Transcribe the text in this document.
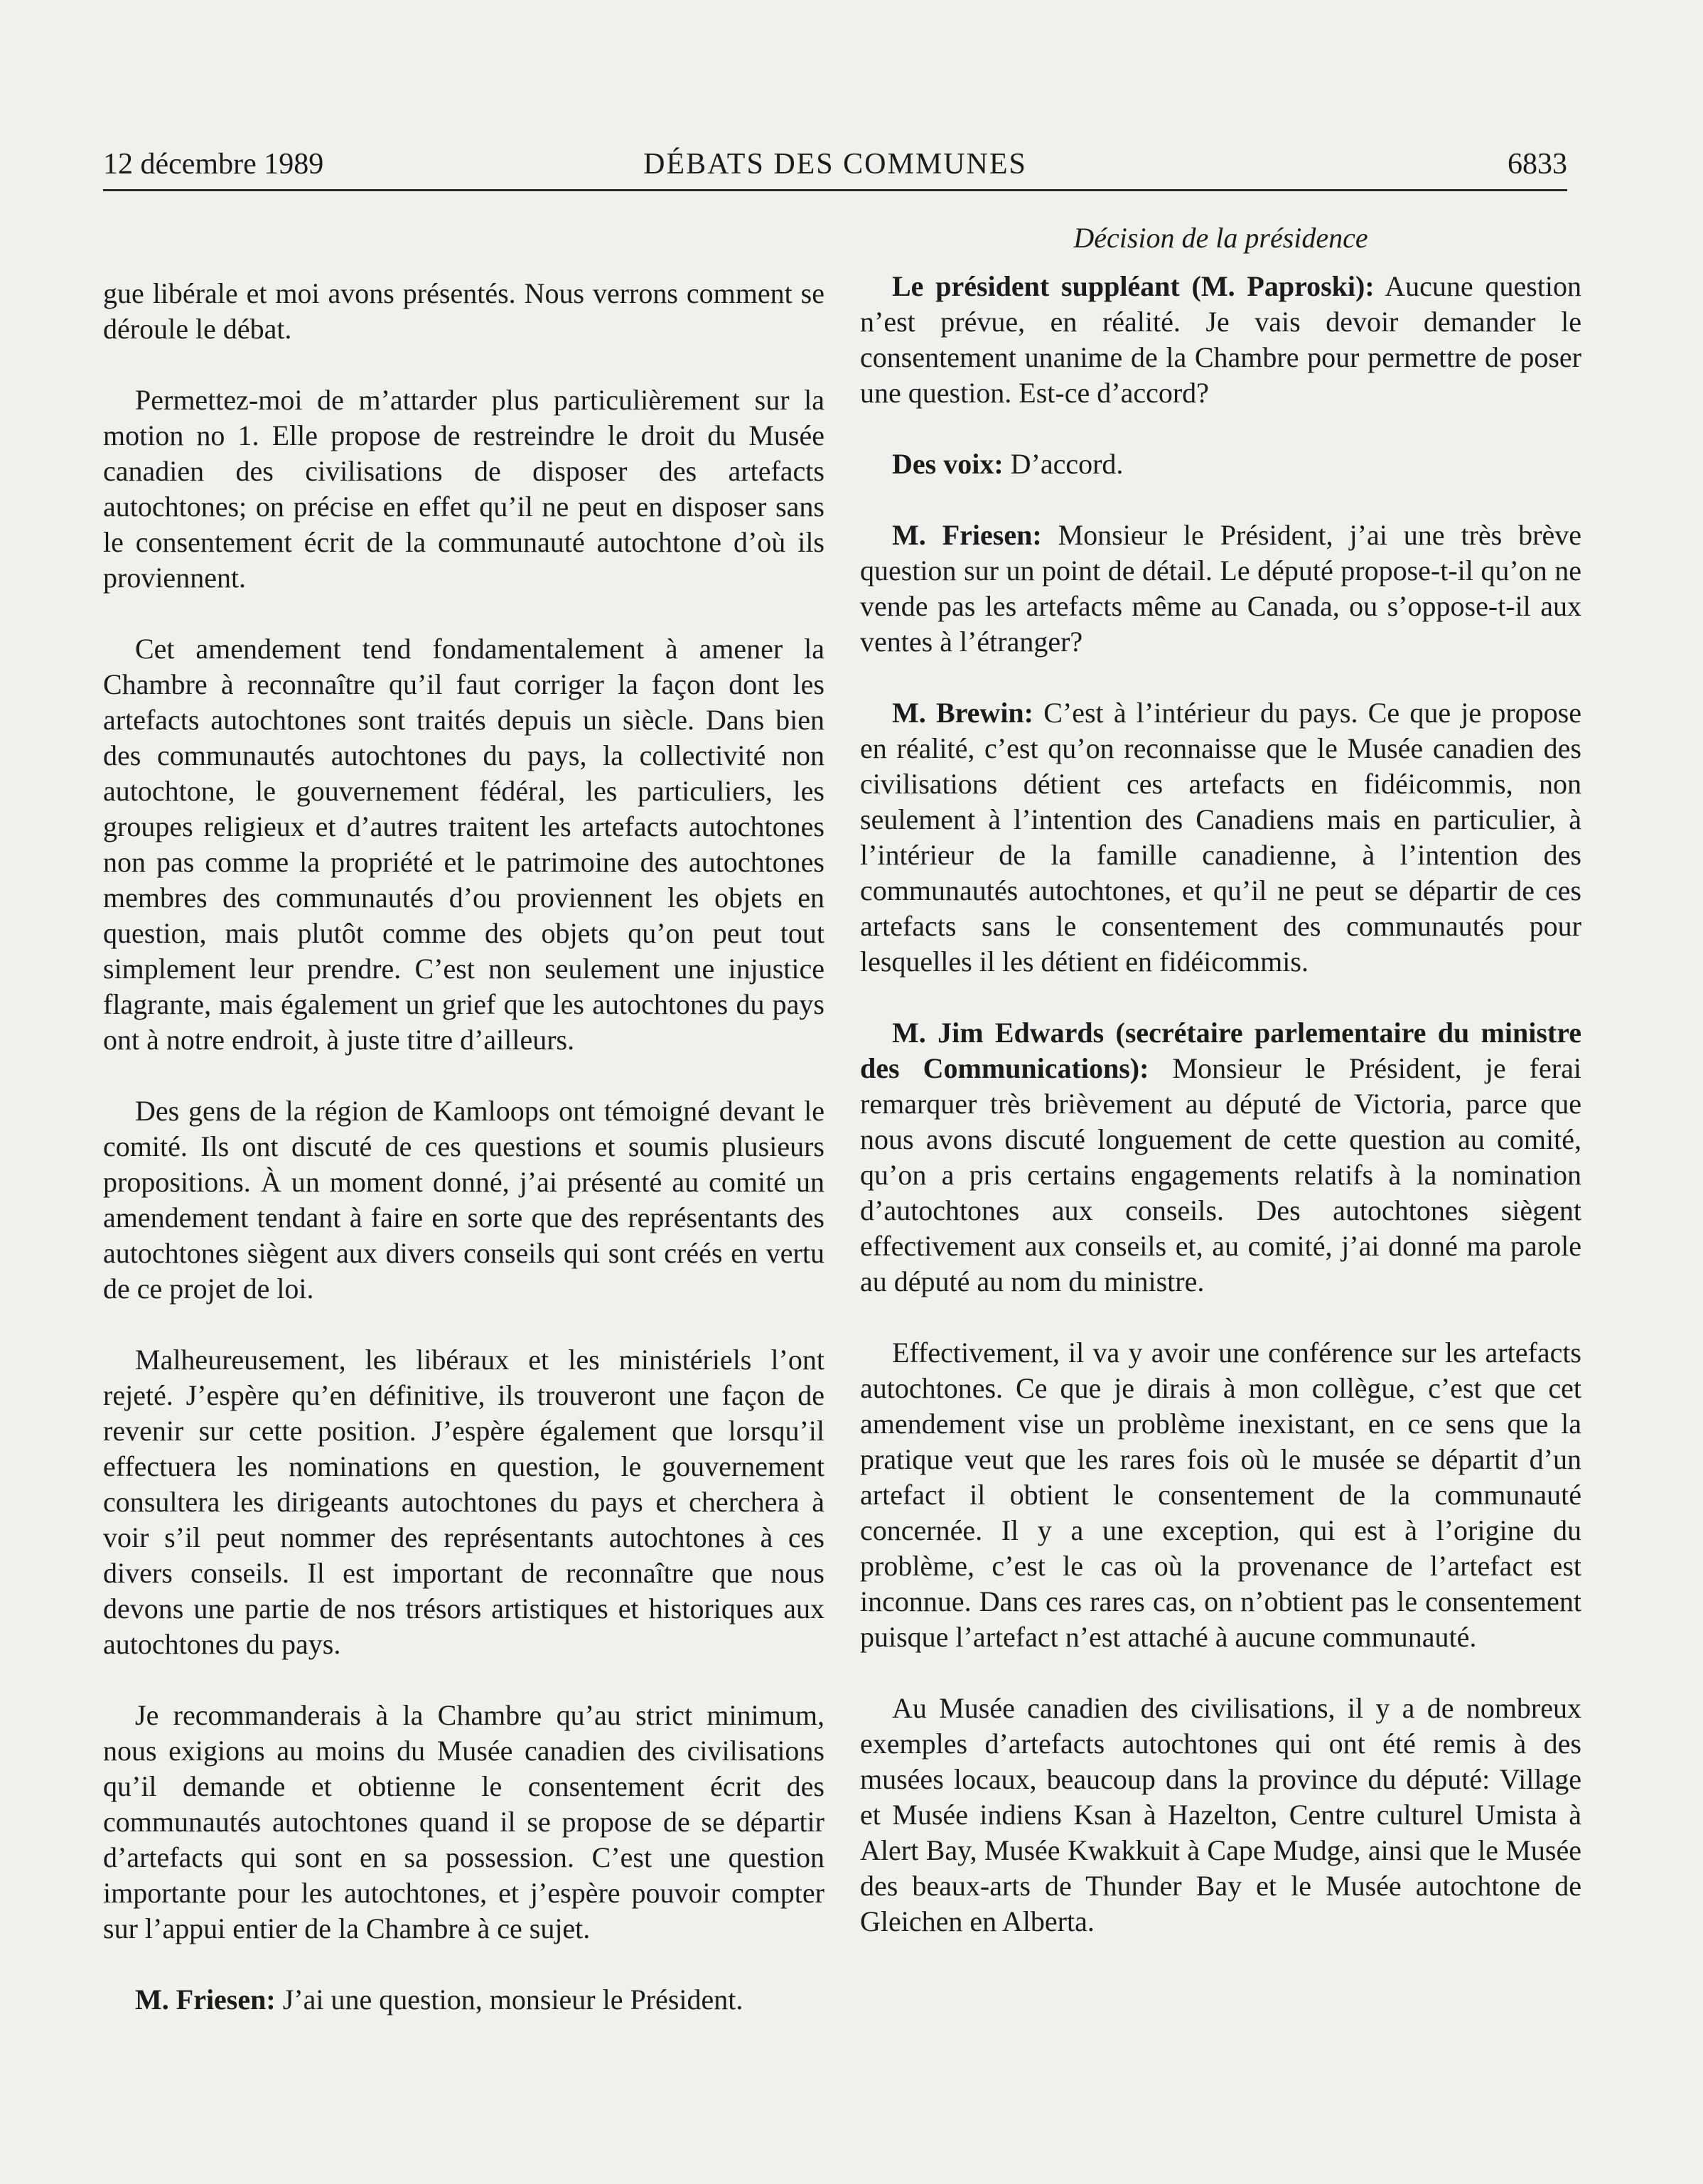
12 décembre 1989	DÉBATS DES COMMUNES	6833

gue libérale et moi avons présentés. Nous verrons comment se déroule le débat.

Permettez-moi de m’attarder plus particulièrement sur la motion no 1. Elle propose de restreindre le droit du Musée canadien des civilisations de disposer des artefacts autochtones; on précise en effet qu’il ne peut en disposer sans le consentement écrit de la communauté autochtone d’où ils proviennent.

Cet amendement tend fondamentalement à amener la Chambre à reconnaître qu’il faut corriger la façon dont les artefacts autochtones sont traités depuis un siècle. Dans bien des communautés autochtones du pays, la collectivité non autochtone, le gouvernement fédéral, les particuliers, les groupes religieux et d’autres traitent les artefacts autochtones non pas comme la propriété et le patrimoine des autochtones membres des communautés d’ou proviennent les objets en question, mais plutôt comme des objets qu’on peut tout simplement leur prendre. C’est non seulement une injustice flagrante, mais également un grief que les autochtones du pays ont à notre endroit, à juste titre d’ailleurs.

Des gens de la région de Kamloops ont témoigné devant le comité. Ils ont discuté de ces questions et soumis plusieurs propositions. À un moment donné, j’ai présenté au comité un amendement tendant à faire en sorte que des représentants des autochtones siègent aux divers conseils qui sont créés en vertu de ce projet de loi.

Malheureusement, les libéraux et les ministériels l’ont rejeté. J’espère qu’en définitive, ils trouveront une façon de revenir sur cette position. J’espère également que lorsqu’il effectuera les nominations en question, le gouvernement consultera les dirigeants autochtones du pays et cherchera à voir s’il peut nommer des représentants autochtones à ces divers conseils. Il est important de reconnaître que nous devons une partie de nos trésors artistiques et historiques aux autochtones du pays.

Je recommanderais à la Chambre qu’au strict minimum, nous exigions au moins du Musée canadien des civilisations qu’il demande et obtienne le consentement écrit des communautés autochtones quand il se propose de se départir d’artefacts qui sont en sa possession. C’est une question importante pour les autochtones, et j’espère pouvoir compter sur l’appui entier de la Chambre à ce sujet.

M. Friesen: J’ai une question, monsieur le Président.

Décision de la présidence

Le président suppléant (M. Paproski): Aucune question n’est prévue, en réalité. Je vais devoir demander le consentement unanime de la Chambre pour permettre de poser une question. Est-ce d’accord?

Des voix: D’accord.

M. Friesen: Monsieur le Président, j’ai une très brève question sur un point de détail. Le député propose-t-il qu’on ne vende pas les artefacts même au Canada, ou s’oppose-t-il aux ventes à l’étranger?

M. Brewin: C’est à l’intérieur du pays. Ce que je propose en réalité, c’est qu’on reconnaisse que le Musée canadien des civilisations détient ces artefacts en fidéicommis, non seulement à l’intention des Canadiens mais en particulier, à l’intérieur de la famille canadienne, à l’intention des communautés autochtones, et qu’il ne peut se départir de ces artefacts sans le consentement des communautés pour lesquelles il les détient en fidéicommis.

M. Jim Edwards (secrétaire parlementaire du ministre des Communications): Monsieur le Président, je ferai remarquer très brièvement au député de Victoria, parce que nous avons discuté longuement de cette question au comité, qu’on a pris certains engagements relatifs à la nomination d’autochtones aux conseils. Des autochtones siègent effectivement aux conseils et, au comité, j’ai donné ma parole au député au nom du ministre.

Effectivement, il va y avoir une conférence sur les artefacts autochtones. Ce que je dirais à mon collègue, c’est que cet amendement vise un problème inexistant, en ce sens que la pratique veut que les rares fois où le musée se départit d’un artefact il obtient le consentement de la communauté concernée. Il y a une exception, qui est à l’origine du problème, c’est le cas où la provenance de l’artefact est inconnue. Dans ces rares cas, on n’obtient pas le consentement puisque l’artefact n’est attaché à aucune communauté.

Au Musée canadien des civilisations, il y a de nombreux exemples d’artefacts autochtones qui ont été remis à des musées locaux, beaucoup dans la province du député: Village et Musée indiens Ksan à Hazelton, Centre culturel Umista à Alert Bay, Musée Kwakkuit à Cape Mudge, ainsi que le Musée des beaux-arts de Thunder Bay et le Musée autochtone de Gleichen en Alberta.
